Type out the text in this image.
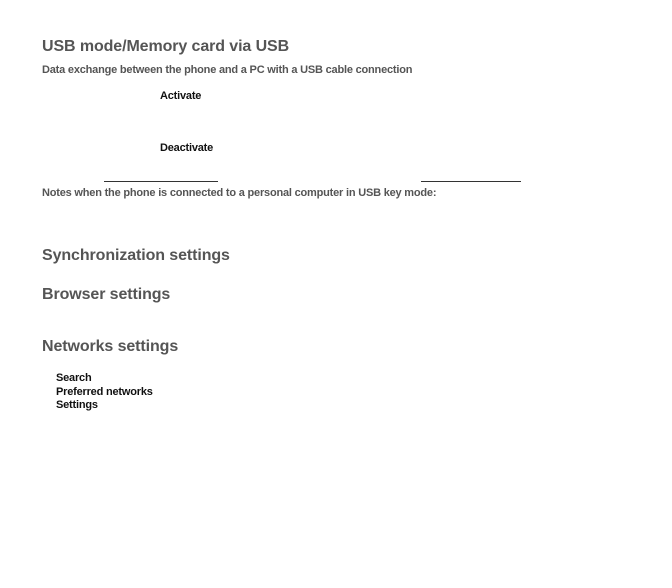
USB mode/Memory card via USB
Data exchange between the phone and a PC with a USB cable connection
Activate
Deactivate
Notes when the phone is connected to a personal computer in USB key mode:
Synchronization settings
Browser settings
Networks settings
Search
Preferred networks
Settings
